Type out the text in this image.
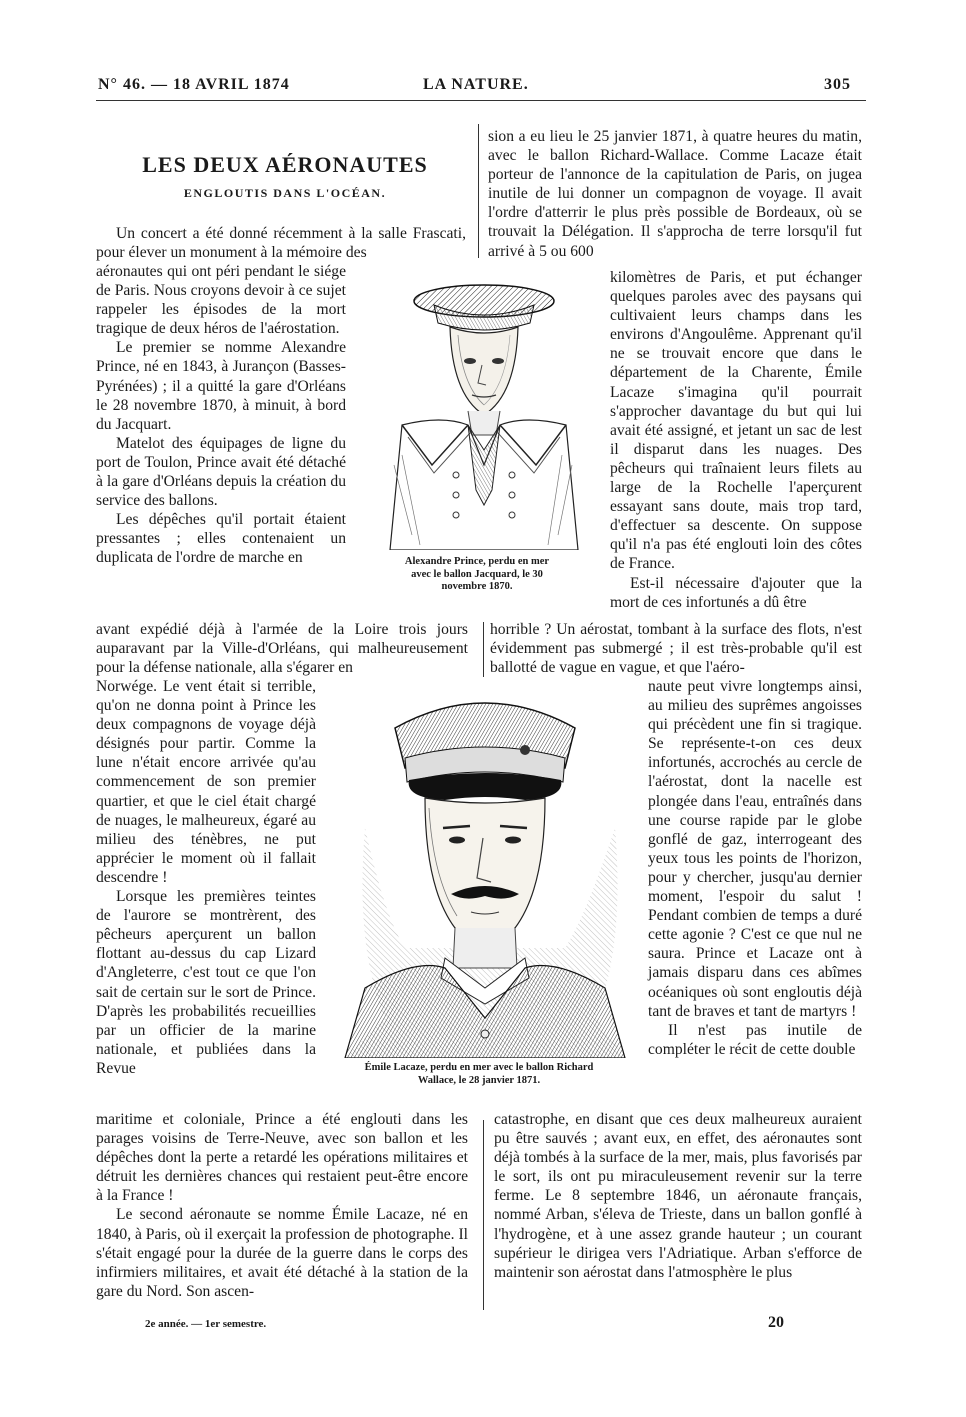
N° 46. — 18 AVRIL 1874	LA NATURE.	305
LES DEUX AÉRONAUTES
ENGLOUTIS DANS L'OCÉAN.

Un concert a été donné récemment à la salle Frascati, pour élever un monument à la mémoire des

aéronautes qui ont péri pendant le siége de Paris. Nous croyons devoir à ce sujet rappeler les épisodes de la mort tragique de deux héros de l'aérostation.

Le premier se nomme Alexandre Prince, né en 1843, à Jurançon (Basses-Pyrénées) ; il a quitté la gare d'Orléans le 28 novembre 1870, à minuit, à bord du Jacquart.

Matelot des équipages de ligne du port de Toulon, Prince avait été détaché à la gare d'Orléans depuis la création du service des ballons.

Les dépêches qu'il portait étaient pressantes ; elles contenaient un duplicata de l'ordre de marche en

avant expédié déjà à l'armée de la Loire trois jours auparavant par la Ville-d'Orléans, qui malheureusement pour la défense nationale, alla s'égarer en

Norwége. Le vent était si terrible, qu'on ne donna point à Prince les deux compagnons de voyage déjà désignés pour partir. Comme la lune n'était encore arrivée qu'au commencement de son premier quartier, et que le ciel était chargé de nuages, le malheureux, égaré au milieu des ténèbres, ne put apprécier le moment où il fallait descendre !

Lorsque les premières teintes de l'aurore se montrèrent, des pêcheurs aperçurent un ballon flottant au-dessus du cap Lizard d'Angleterre, c'est tout ce que l'on sait de certain sur le sort de Prince. D'après les probabilités recueillies par un officier de la marine nationale, et publiées dans la Revue

maritime et coloniale, Prince a été englouti dans les parages voisins de Terre-Neuve, avec son ballon et les dépêches dont la perte a retardé les opérations militaires et détruit les dernières chances qui restaient peut-être encore à la France !

Le second aéronaute se nomme Émile Lacaze, né en 1840, à Paris, où il exerçait la profession de photographe. Il s'était engagé pour la durée de la guerre dans le corps des infirmiers militaires, et avait été détaché à la station de la gare du Nord. Son ascen-

sion a eu lieu le 25 janvier 1871, à quatre heures du matin, avec le ballon Richard-Wallace. Comme Lacaze était porteur de l'annonce de la capitulation de Paris, on jugea inutile de lui donner un compagnon de voyage. Il avait l'ordre d'atterrir le plus près possible de Bordeaux, où se trouvait la Délégation. Il s'approcha de terre lorsqu'il fut arrivé à 5 ou 600

kilomètres de Paris, et put échanger quelques paroles avec des paysans qui cultivaient leurs champs dans les environs d'Angoulême. Apprenant qu'il ne se trouvait encore que dans le département de la Charente, Émile Lacaze s'imagina qu'il pourrait s'approcher davantage du but qui lui avait été assigné, et jetant un sac de lest il disparut dans les nuages. Des pêcheurs qui traînaient leurs filets au large de la Rochelle l'aperçurent essayant sans doute, mais trop tard, d'effectuer sa descente. On suppose qu'il n'a pas été englouti loin des côtes de France.

Est-il nécessaire d'ajouter que la mort de ces infortunés a dû être

horrible ? Un aérostat, tombant à la surface des flots, n'est évidemment pas submergé ; il est très-probable qu'il est ballotté de vague en vague, et que l'aéro-

naute peut vivre longtemps ainsi, au milieu des suprêmes angoisses qui précèdent une fin si tragique. Se représente-t-on ces deux infortunés, accrochés au cercle de l'aérostat, dont la nacelle est plongée dans l'eau, entraînés dans une course rapide par le globe gonflé de gaz, interrogeant des yeux tous les points de l'horizon, pour y chercher, jusqu'au dernier moment, l'espoir du salut ! Pendant combien de temps a duré cette agonie ? C'est ce que nul ne saura. Prince et Lacaze ont à jamais disparu dans ces abîmes océaniques où sont engloutis déjà tant de braves et tant de martyrs !

Il n'est pas inutile de compléter le récit de cette double

catastrophe, en disant que ces deux malheureux auraient pu être sauvés ; avant eux, en effet, des aéronautes sont déjà tombés à la surface de la mer, mais, plus favorisés par le sort, ils ont pu miraculeusement revenir sur la terre ferme. Le 8 septembre 1846, un aéronaute français, nommé Arban, s'éleva de Trieste, dans un ballon gonflé à l'hydrogène, et à une assez grande hauteur ; un courant supérieur le dirigea vers l'Adriatique. Arban s'efforce de maintenir son aérostat dans l'atmosphère le plus

Alexandre Prince, perdu en mer
avec le ballon Jacquard, le 30
novembre 1870.
Émile Lacaze, perdu en mer avec le ballon Richard
Wallace, le 28 janvier 1871.
2e année. — 1er semestre.	20
